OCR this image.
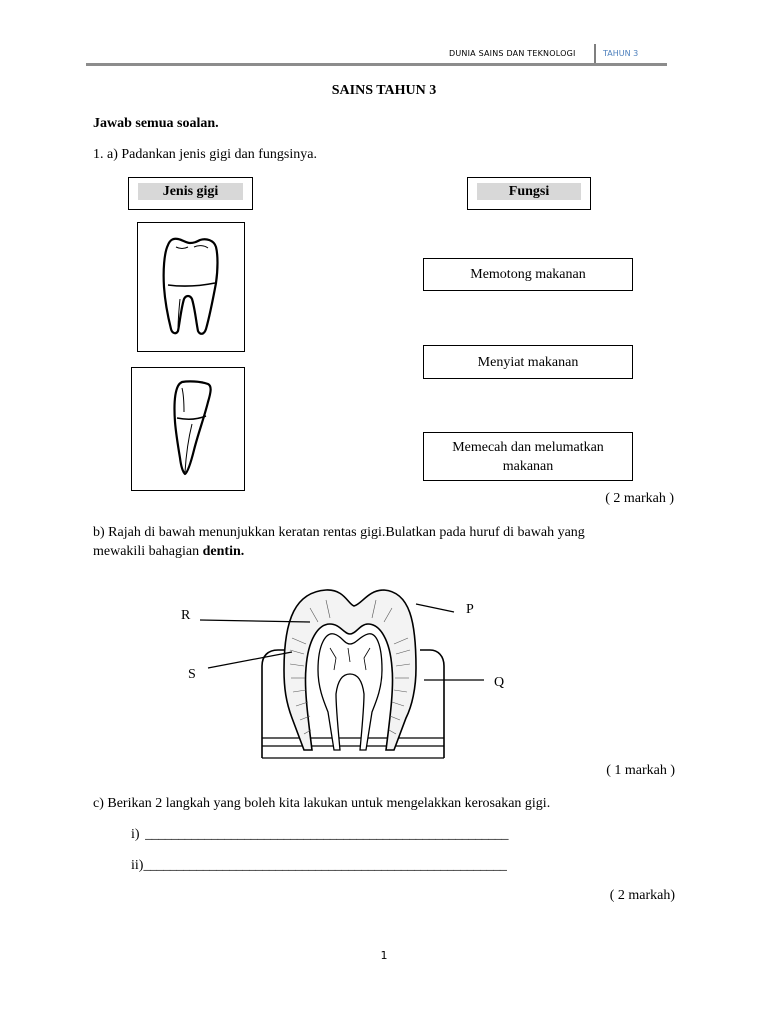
DUNIA SAINS DAN TEKNOLOGI	TAHUN 3
SAINS TAHUN 3
Jawab semua soalan.
1. a) Padankan jenis gigi dan fungsinya.
Jenis gigi	Fungsi
Memotong makanan
Menyiat makanan
Memecah dan melumatkan makanan
( 2 markah )
b) Rajah di bawah menunjukkan keratan rentas gigi.Bulatkan pada huruf di bawah yang
mewakili bahagian dentin.
R	P
S
Q
( 1 markah )
c) Berikan 2 langkah yang boleh kita lakukan untuk mengelakkan kerosakan gigi.
i) _______________________________________________________
ii)_______________________________________________________
( 2 markah)
1
